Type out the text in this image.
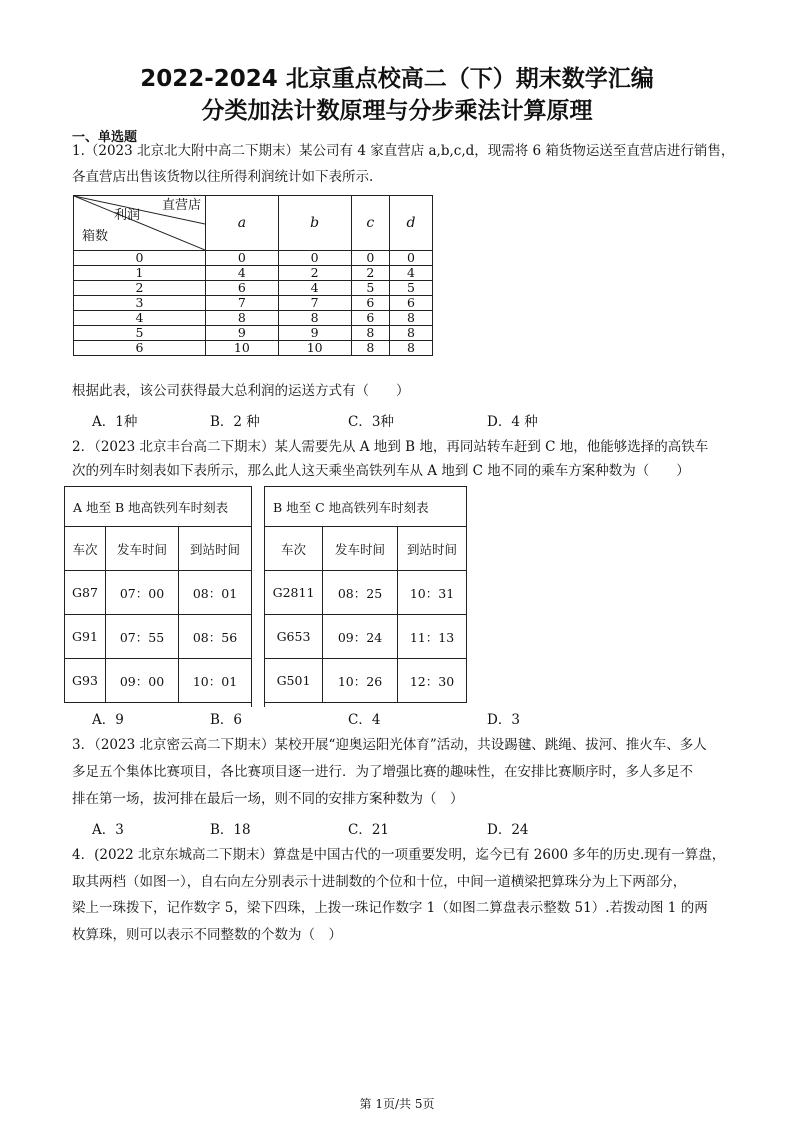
2022-2024 北京重点校高二（下）期末数学汇编
分类加法计数原理与分步乘法计算原理
一、单选题
1.（2023 北京北大附中高二下期末）某公司有 4 家直营店 a,b,c,d，现需将 6 箱货物运送至直营店进行销售，
各直营店出售该货物以往所得利润统计如下表所示.
直营店
利润
箱数	a	b	c	d
0	0	0	0	0
1	4	2	2	4
2	6	4	5	5
3	7	7	6	6
4	8	8	6	8
5	9	9	8	8
6	10	10	8	8
根据此表，该公司获得最大总利润的运送方式有（　　）
A．1种	B．2 种	C．3种	D．4 种
2．（2023 北京丰台高二下期末）某人需要先从 A 地到 B 地，再同站转车赶到 C 地，他能够选择的高铁车
次的列车时刻表如下表所示，那么此人这天乘坐高铁列车从 A 地到 C 地不同的乘车方案种数为（　　）
A 地至 B 地高铁列车时刻表		
车次	发车时间	到站时间
G87	07：00	08：01
G91	07：55	08：56
G93	09：00	10：01
B 地至 C 地高铁列车时刻表		
车次	发车时间	到站时间
G2811	08：25	10：31
G653	09：24	11：13
G501	10：26	12：30
A．9	B．6	C．4	D．3
3．（2023 北京密云高二下期末）某校开展“迎奥运阳光体育”活动，共设踢毽、跳绳、拔河、推火车、多人
多足五个集体比赛项目，各比赛项目逐一进行．为了增强比赛的趣味性，在安排比赛顺序时，多人多足不
排在第一场，拔河排在最后一场，则不同的安排方案种数为（　）
A．3	B．18	C．21	D．24
4．(2022 北京东城高二下期末）算盘是中国古代的一项重要发明，迄今已有 2600 多年的历史.现有一算盘，
取其两档（如图一），自右向左分别表示十进制数的个位和十位，中间一道横梁把算珠分为上下两部分，
梁上一珠拨下，记作数字 5，梁下四珠，上拨一珠记作数字 1（如图二算盘表示整数 51）.若拨动图 1 的两
枚算珠，则可以表示不同整数的个数为（　）
第 1页/共 5页
